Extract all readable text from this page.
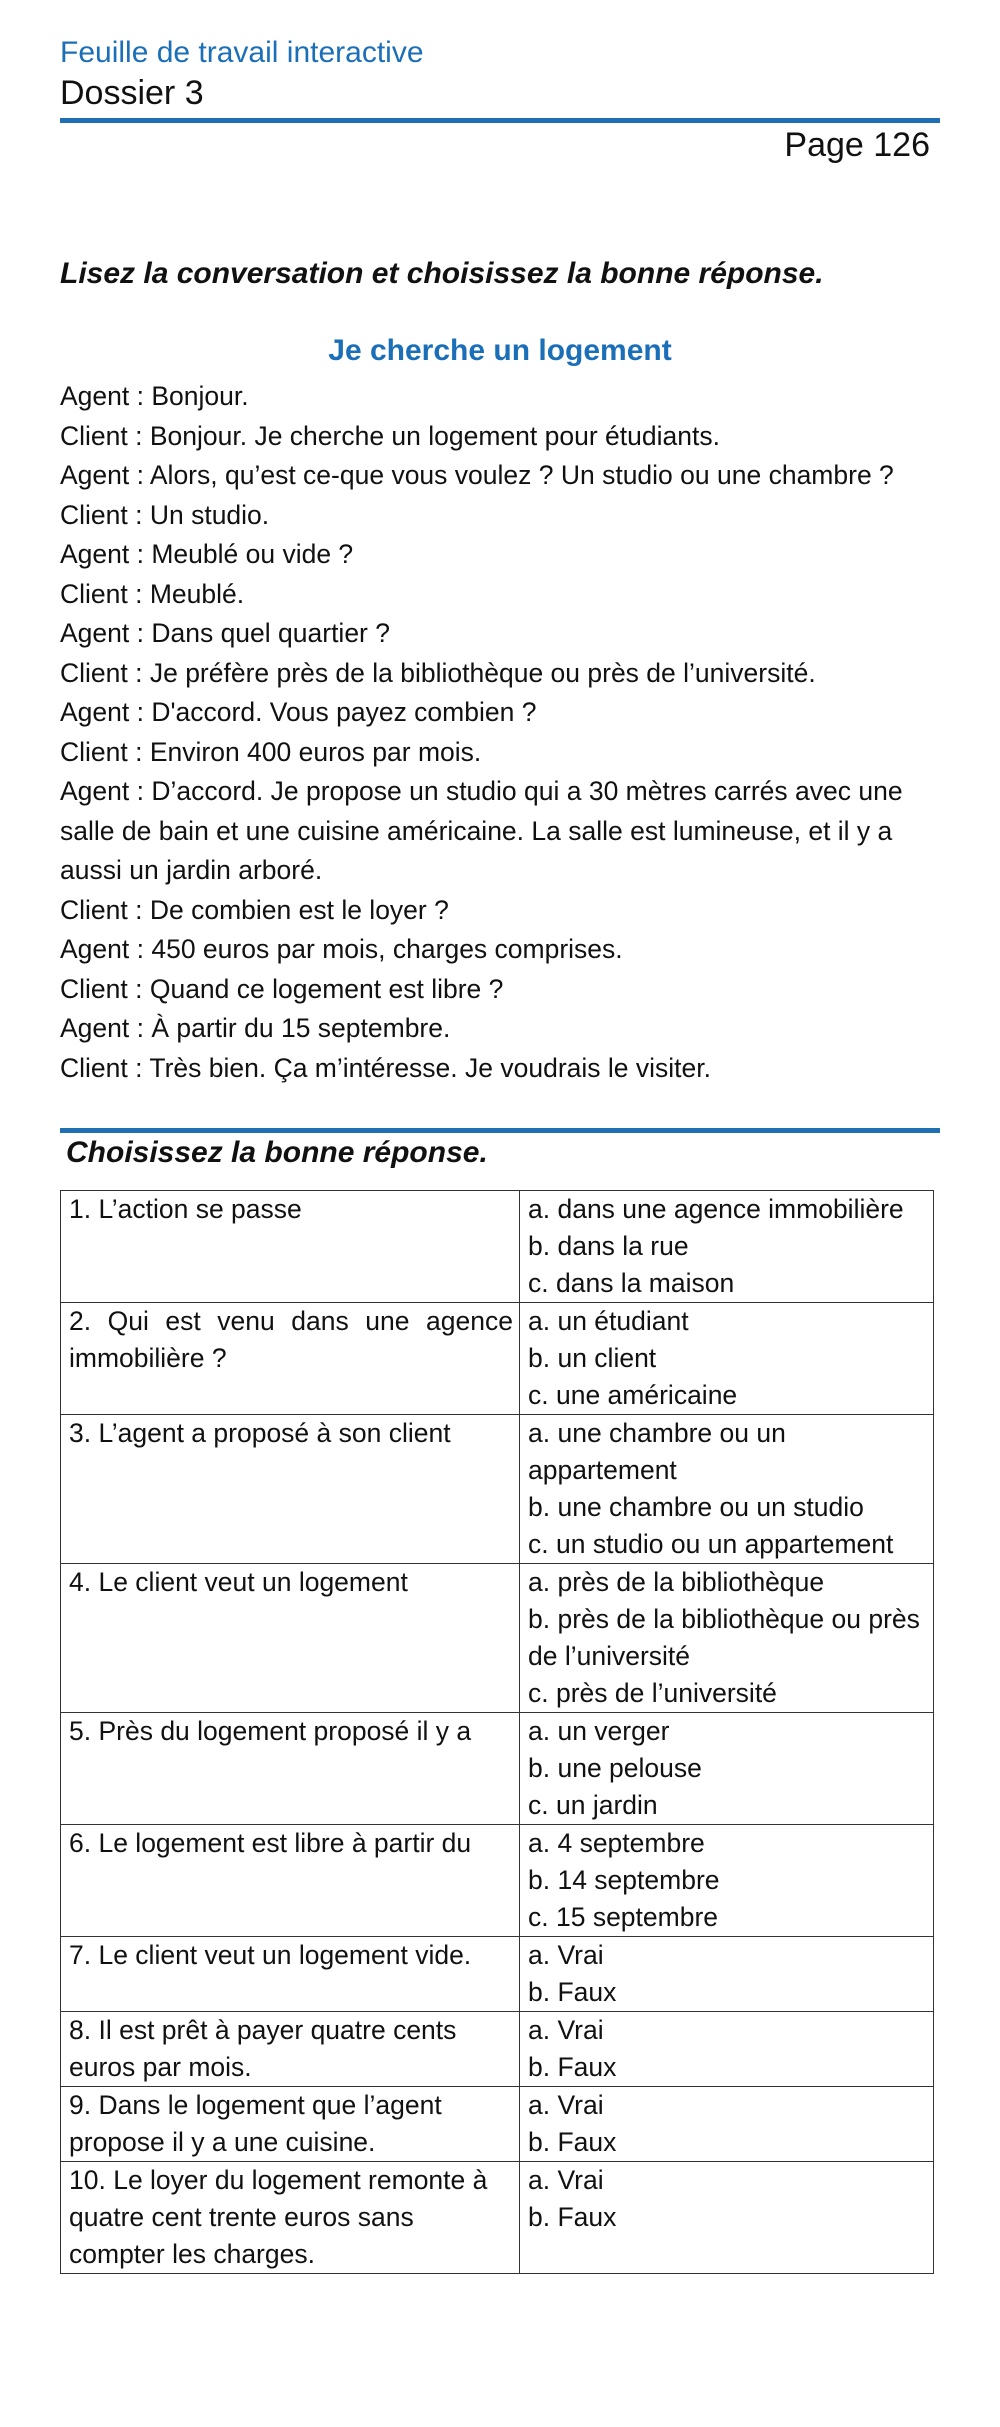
Feuille de travail interactive

Dossier 3

Page 126

Lisez la conversation et choisissez la bonne réponse.

Je cherche un logement

Agent : Bonjour.
Client : Bonjour. Je cherche un logement pour étudiants.
Agent : Alors, qu’est ce-que vous voulez ? Un studio ou une chambre ?
Client : Un studio.
Agent : Meublé ou vide ?
Client : Meublé.
Agent : Dans quel quartier ?
Client : Je préfère près de la bibliothèque ou près de l’université.
Agent : D'accord. Vous payez combien ?
Client : Environ 400 euros par mois.
Agent : D’accord. Je propose un studio qui a 30 mètres carrés avec une salle de bain et une cuisine américaine. La salle est lumineuse, et il y a aussi un jardin arboré.
Client : De combien est le loyer ?
Agent : 450 euros par mois, charges comprises.
Client : Quand ce logement est libre ?
Agent : À partir du 15 septembre.
Client : Très bien. Ça m’intéresse. Je voudrais le visiter.

Choisissez la bonne réponse.

1. L’action se passe	a. dans une agence immobilière
b. dans la rue
c. dans la maison

2. Qui est venu dans une agence immobilière ?	a. un étudiant
b. un client
c. une américaine

3. L’agent a proposé à son client	a. une chambre ou un appartement
b. une chambre ou un studio
c. un studio ou un appartement

4. Le client veut un logement	a. près de la bibliothèque
b. près de la bibliothèque ou près de l’université
c. près de l’université

5. Près du logement proposé il y a	a. un verger
b. une pelouse
c. un jardin

6. Le logement est libre à partir du	a. 4 septembre
b. 14 septembre
c. 15 septembre

7. Le client veut un logement vide.	a. Vrai
b. Faux

8. Il est prêt à payer quatre cents euros par mois.	a. Vrai
b. Faux

9. Dans le logement que l’agent propose il y a une cuisine.	a. Vrai
b. Faux

10. Le loyer du logement remonte à quatre cent trente euros sans compter les charges.	a. Vrai
b. Faux
